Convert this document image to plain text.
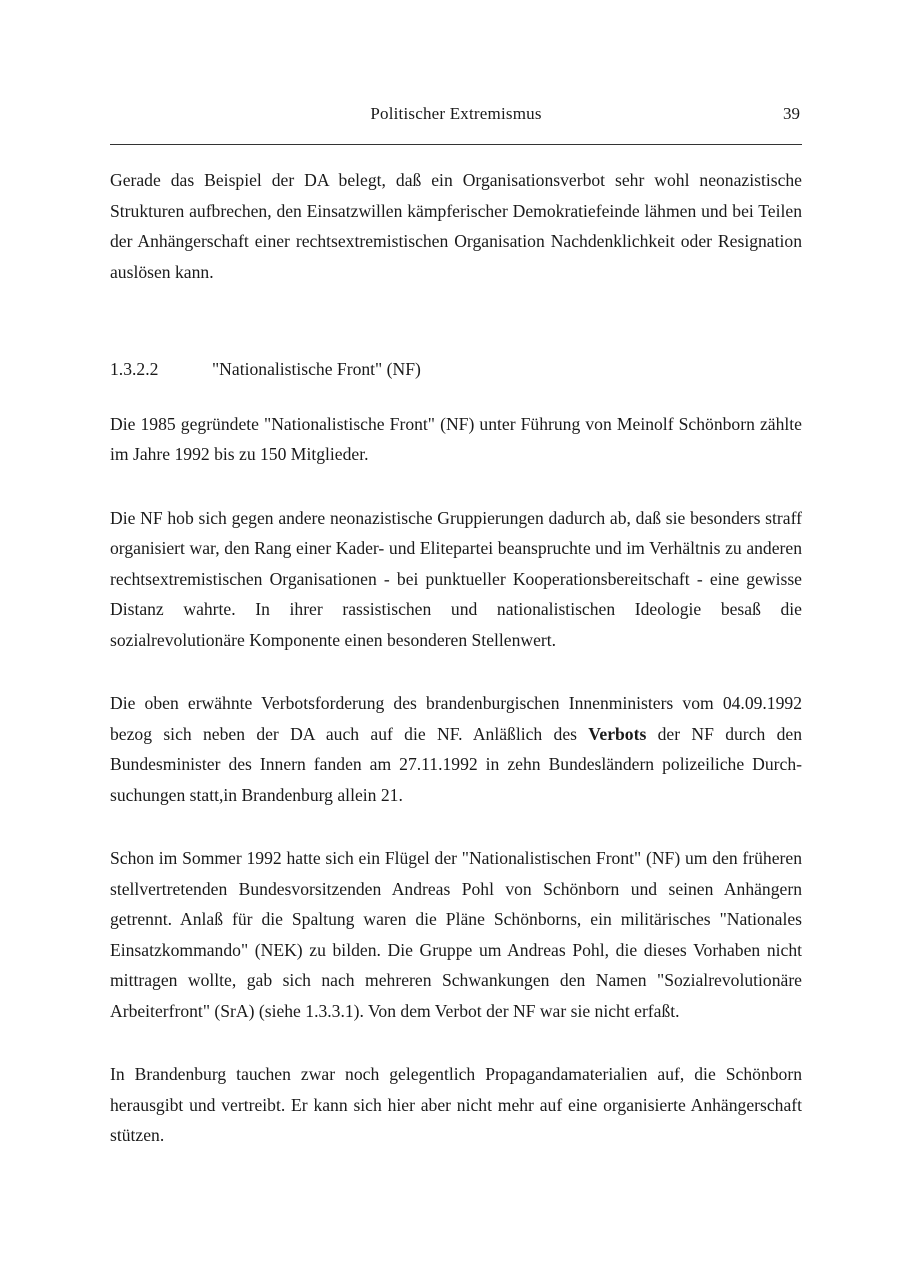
Politischer Extremismus	39

Gerade das Beispiel der DA belegt, daß ein Organisationsverbot sehr wohl neonazistische Strukturen aufbrechen, den Einsatzwillen kämpferischer Demokratiefeinde lähmen und bei Teilen der Anhängerschaft einer rechtsextremistischen Organisation Nachdenklichkeit oder Resignation auslösen kann.

1.3.2.2	"Nationalistische Front" (NF)

Die 1985 gegründete "Nationalistische Front" (NF) unter Führung von Meinolf Schönborn zählte im Jahre 1992 bis zu 150 Mitglieder.

Die NF hob sich gegen andere neonazistische Gruppierungen dadurch ab, daß sie besonders straff organisiert war, den Rang einer Kader- und Elitepartei beanspruchte und im Verhältnis zu anderen rechtsextremistischen Organisationen - bei punktueller Kooperationsbereitschaft - eine gewisse Distanz wahrte. In ihrer rassistischen und nationalistischen Ideologie besaß die sozialrevolutionäre Komponente einen besonderen Stellenwert.

Die oben erwähnte Verbotsforderung des brandenburgischen Innenministers vom 04.09.1992 bezog sich neben der DA auch auf die NF. Anläßlich des Verbots der NF durch den Bundesminister des Innern fanden am 27.11.1992 in zehn Bundesländern polizeiliche Durchsuchungen statt,in Brandenburg allein 21.

Schon im Sommer 1992 hatte sich ein Flügel der "Nationalistischen Front" (NF) um den früheren stellvertretenden Bundesvorsitzenden Andreas Pohl von Schönborn und seinen Anhängern getrennt. Anlaß für die Spaltung waren die Pläne Schönborns, ein militärisches "Nationales Einsatzkommando" (NEK) zu bilden. Die Gruppe um Andreas Pohl, die dieses Vorhaben nicht mittragen wollte, gab sich nach mehreren Schwankungen den Namen "Sozialrevolutionäre Arbeiterfront" (SrA) (siehe 1.3.3.1). Von dem Verbot der NF war sie nicht erfaßt.

In Brandenburg tauchen zwar noch gelegentlich Propagandamaterialien auf, die Schönborn herausgibt und vertreibt. Er kann sich hier aber nicht mehr auf eine organisierte Anhängerschaft stützen.
